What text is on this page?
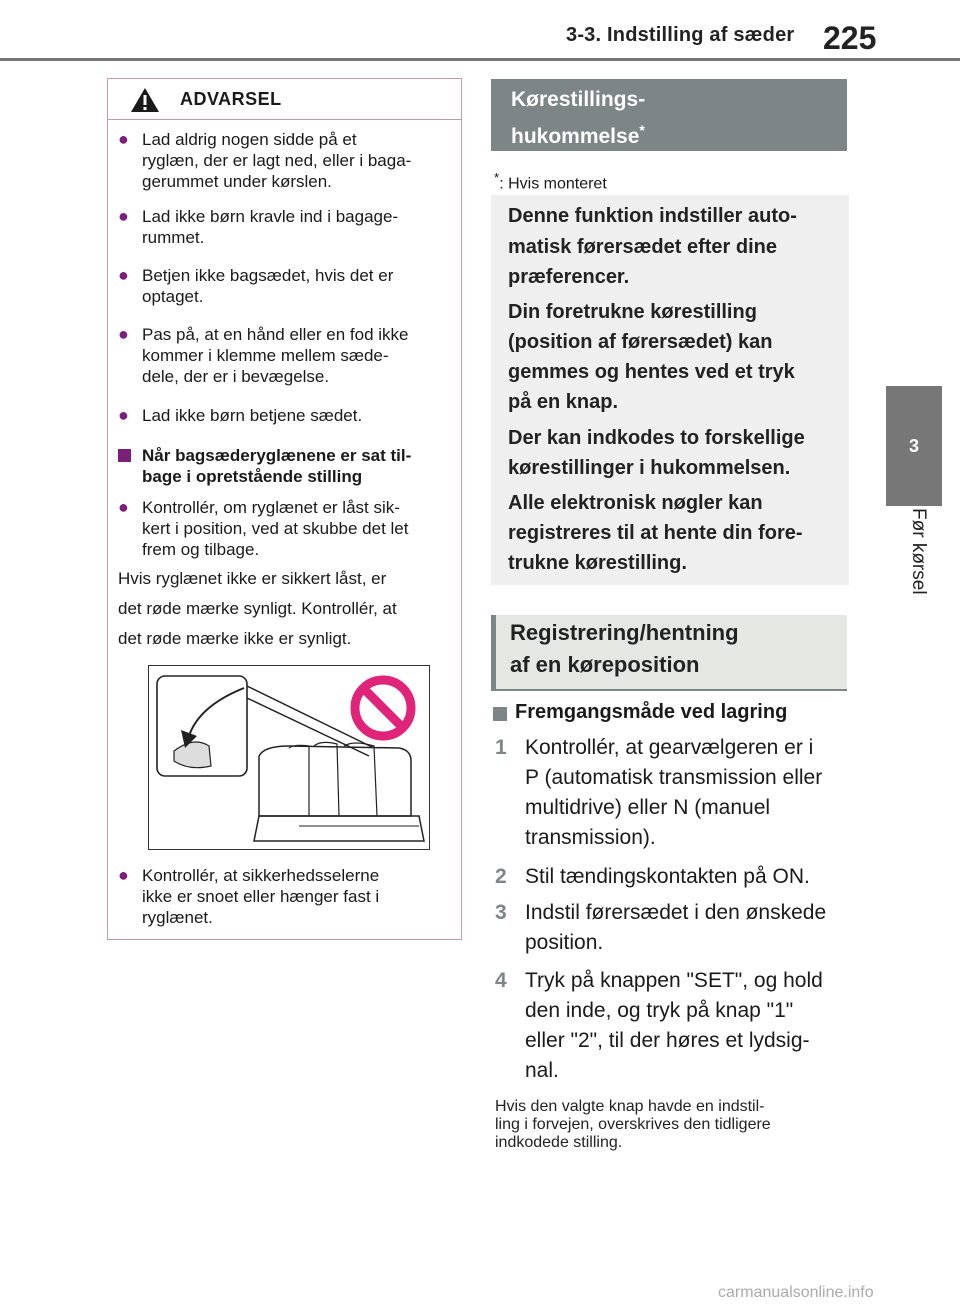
3-3. Indstilling af sæder 225
3
Før kørsel
ADVARSEL
● Lad aldrig nogen sidde på et
ryglæn, der er lagt ned, eller i baga-
gerummet under kørslen.
● Lad ikke børn kravle ind i bagage-
rummet.
● Betjen ikke bagsædet, hvis det er
optaget.
● Pas på, at en hånd eller en fod ikke
kommer i klemme mellem sæde-
dele, der er i bevægelse.
● Lad ikke børn betjene sædet.
Når bagsæderyglænene er sat til-
bage i opretstående stilling
● Kontrollér, om ryglænet er låst sik-
kert i position, ved at skubbe det let
frem og tilbage.
Hvis ryglænet ikke er sikkert låst, er
det røde mærke synligt. Kontrollér, at
det røde mærke ikke er synligt.
● Kontrollér, at sikkerhedsselerne
ikke er snoet eller hænger fast i
ryglænet.
Kørestillings-
hukommelse*
*: Hvis monteret
Denne funktion indstiller auto-
matisk førersædet efter dine
præferencer.
Din foretrukne kørestilling
(position af førersædet) kan
gemmes og hentes ved et tryk
på en knap.
Der kan indkodes to forskellige
kørestillinger i hukommelsen.
Alle elektronisk nøgler kan
registreres til at hente din fore-
trukne kørestilling.
Registrering/hentning
af en køreposition
Fremgangsmåde ved lagring
1 Kontrollér, at gearvælgeren er i
P (automatisk transmission eller
multidrive) eller N (manuel
transmission).
2 Stil tændingskontakten på ON.
3 Indstil førersædet i den ønskede
position.
4 Tryk på knappen "SET", og hold
den inde, og tryk på knap "1"
eller "2", til der høres et lydsig-
nal.
Hvis den valgte knap havde en indstil-
ling i forvejen, overskrives den tidligere
indkodede stilling.
carmanualsonline.info
